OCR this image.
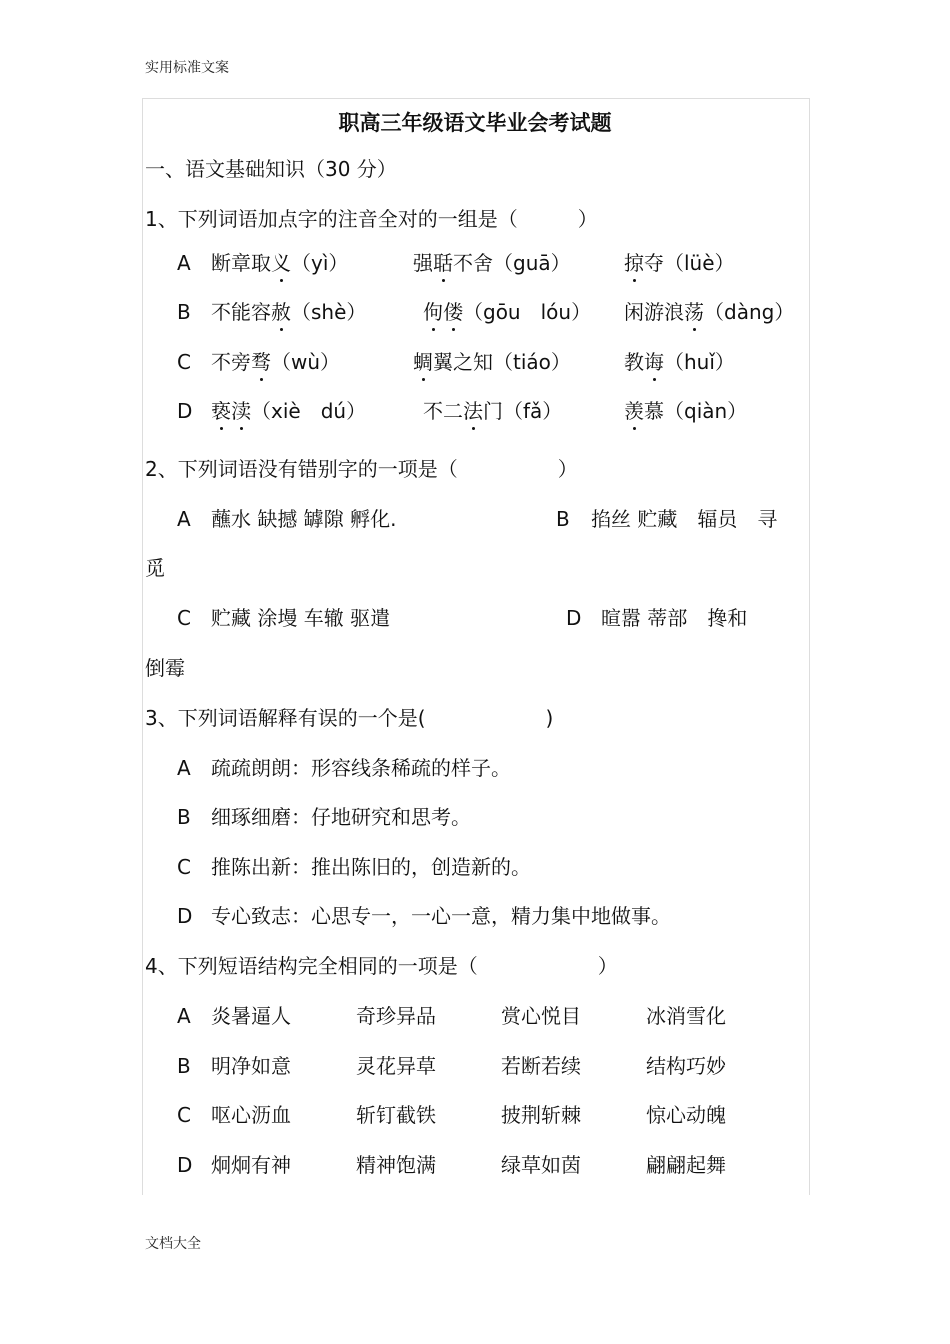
实用标准文案
职高三年级语文毕业会考试题
一、语文基础知识（30 分）
1、下列词语加点字的注音全对的一组是（　　　）
A 断章取义（yì）	强聒不舍（guā）	掠夺（lüè）
B 不能容赦（shè）	佝偻（gōu　lóu） 闲游浪荡（dàng）
C 不旁骛（wù）	蜩翼之知（tiáo）	教诲（huǐ）
D 亵渎（xiè　dú）	不二法门（fǎ）	羡慕（qiàn）
2、下列词语没有错别字的一项是（　　　　　）
A 蘸水 缺撼 罅隙 孵化.	B 掐丝 贮藏　辐员　寻
觅
C 贮藏 涂墁 车辙 驱遣	D 暄嚣 蒂部　搀和
倒霉
3、下列词语解释有误的一个是(　　　　　　)
A 疏疏朗朗：形容线条稀疏的样子。
B 细琢细磨：仔地研究和思考。
C 推陈出新：推出陈旧的，创造新的。
D 专心致志：心思专一，一心一意，精力集中地做事。
4、下列短语结构完全相同的一项是（　　　　　　）
A 炎暑逼人	奇珍异品	赏心悦目	冰消雪化
B 明净如意	灵花异草	若断若续	结构巧妙
C 呕心沥血	斩钉截铁	披荆斩棘	惊心动魄
D 炯炯有神	精神饱满	绿草如茵	翩翩起舞
文档大全
